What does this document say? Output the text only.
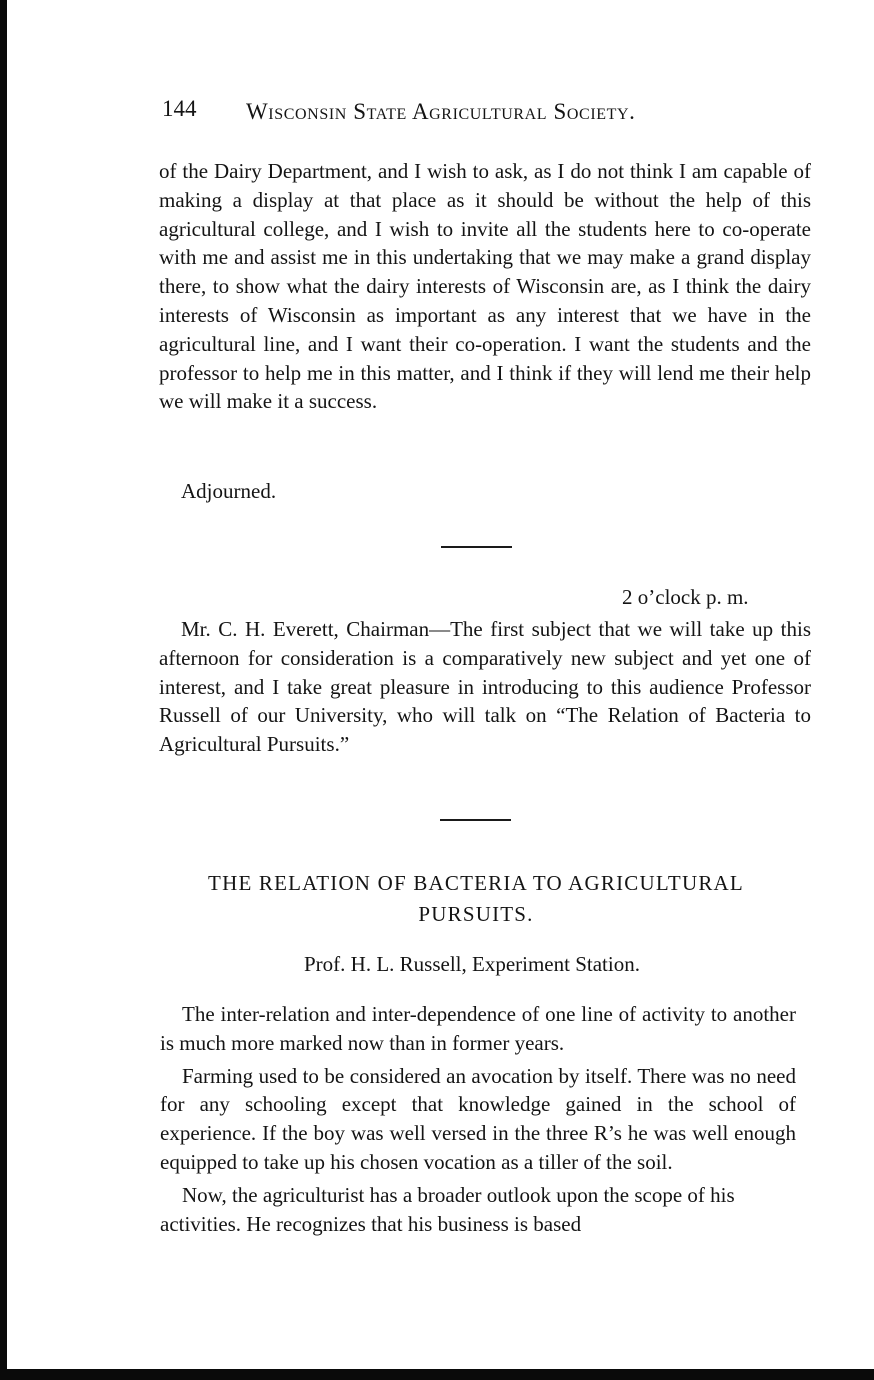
144 Wisconsin State Agricultural Society.

of the Dairy Department, and I wish to ask, as I do not think I am capable of making a display at that place as it should be without the help of this agricultural college, and I wish to invite all the students here to co-operate with me and assist me in this undertaking that we may make a grand display there, to show what the dairy interests of Wisconsin are, as I think the dairy interests of Wisconsin as important as any interest that we have in the agricultural line, and I want their co-operation. I want the students and the professor to help me in this matter, and I think if they will lend me their help we will make it a success.

Adjourned.
2 o’clock p. m.

Mr. C. H. Everett, Chairman—The first subject that we will take up this afternoon for consideration is a comparatively new subject and yet one of interest, and I take great pleasure in introducing to this audience Professor Russell of our University, who will talk on “The Relation of Bacteria to Agricultural Pursuits.”

THE RELATION OF BACTERIA TO AGRICULTURAL
PURSUITS.
Prof. H. L. Russell, Experiment Station.

The inter-relation and inter-dependence of one line of activity to another is much more marked now than in former years.

Farming used to be considered an avocation by itself. There was no need for any schooling except that knowledge gained in the school of experience. If the boy was well versed in the three R’s he was well enough equipped to take up his chosen vocation as a tiller of the soil.

Now, the agriculturist has a broader outlook upon the scope of his activities. He recognizes that his business is based
